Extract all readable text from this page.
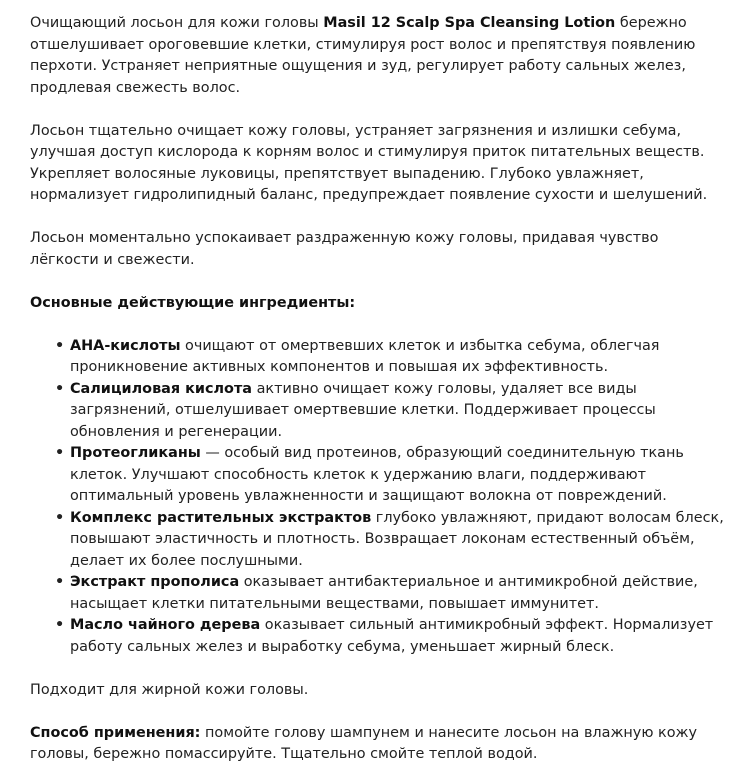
Очищающий лосьон для кожи головы Masil 12 Scalp Spa Cleansing Lotion бережно отшелушивает ороговевшие клетки, стимулируя рост волос и препятствуя появлению перхоти. Устраняет неприятные ощущения и зуд, регулирует работу сальных желез, продлевая свежесть волос.

Лосьон тщательно очищает кожу головы, устраняет загрязнения и излишки себума, улучшая доступ кислорода к корням волос и стимулируя приток питательных веществ. Укрепляет волосяные луковицы, препятствует выпадению. Глубоко увлажняет, нормализует гидролипидный баланс, предупреждает появление сухости и шелушений.

Лосьон моментально успокаивает раздраженную кожу головы, придавая чувство лёгкости и свежести.

Основные действующие ингредиенты:
• AHA-кислоты очищают от омертвевших клеток и избытка себума, облегчая проникновение активных компонентов и повышая их эффективность.
• Салициловая кислота активно очищает кожу головы, удаляет все виды загрязнений, отшелушивает омертвевшие клетки. Поддерживает процессы обновления и регенерации.
• Протеогликаны — особый вид протеинов, образующий соединительную ткань клеток. Улучшают способность клеток к удержанию влаги, поддерживают оптимальный уровень увлажненности и защищают волокна от повреждений.
• Комплекс растительных экстрактов глубоко увлажняют, придают волосам блеск, повышают эластичность и плотность. Возвращает локонам естественный объём, делает их более послушными.
• Экстракт прополиса оказывает антибактериальное и антимикробной действие, насыщает клетки питательными веществами, повышает иммунитет.
• Масло чайного дерева оказывает сильный антимикробный эффект. Нормализует работу сальных желез и выработку себума, уменьшает жирный блеск.

Подходит для жирной кожи головы.

Способ применения: помойте голову шампунем и нанесите лосьон на влажную кожу головы, бережно помассируйте. Тщательно смойте теплой водой.
